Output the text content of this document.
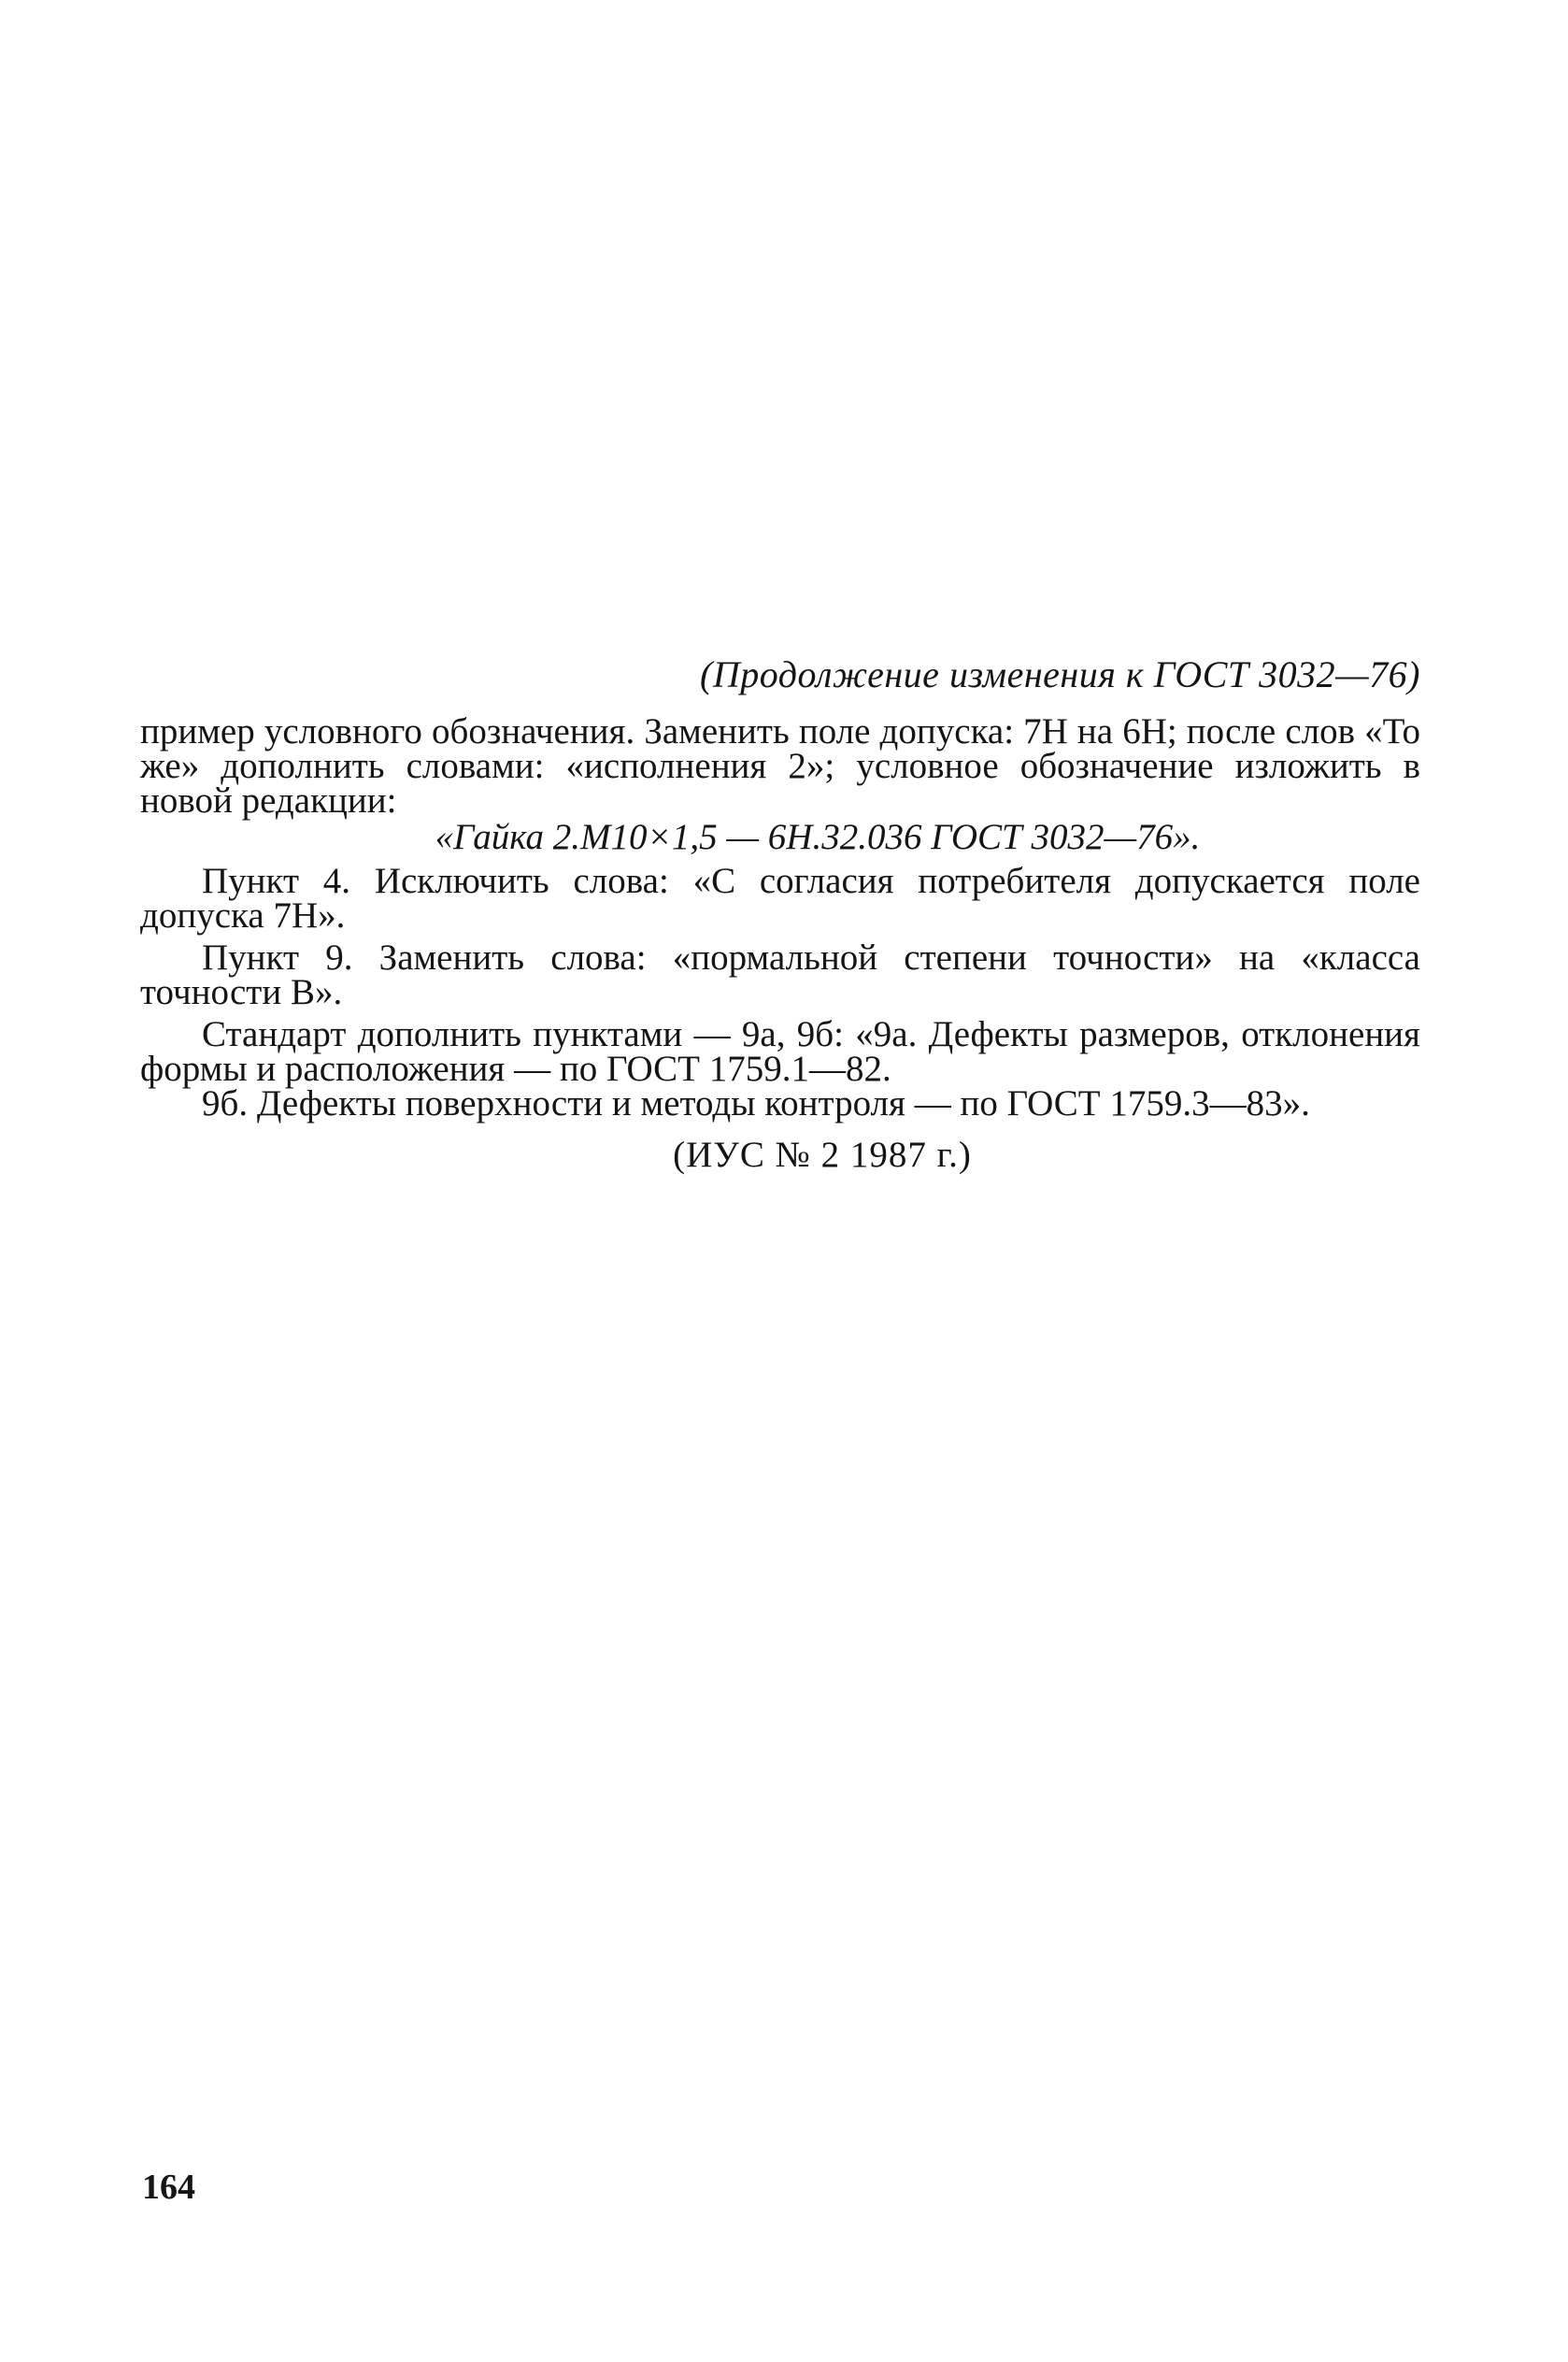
(Продолжение изменения к ГОСТ 3032—76)

пример условного обозначения. Заменить поле допуска: 7Н на 6Н; после слов «То же» дополнить словами: «исполнения 2»; условное обозначение изложить в новой редакции:

«Гайка 2.М10×1,5 — 6Н.32.036 ГОСТ 3032—76».

Пункт 4. Исключить слова: «С согласия потребителя допускается поле допуска 7Н».

Пункт 9. Заменить слова: «пормальной степени точности» на «класса точности В».

Стандарт дополнить пунктами — 9а, 9б: «9а. Дефекты размеров, отклонения формы и расположения — по ГОСТ 1759.1—82.

9б. Дефекты поверхности и методы контроля — по ГОСТ 1759.3—83».

(ИУС № 2 1987 г.)

164
